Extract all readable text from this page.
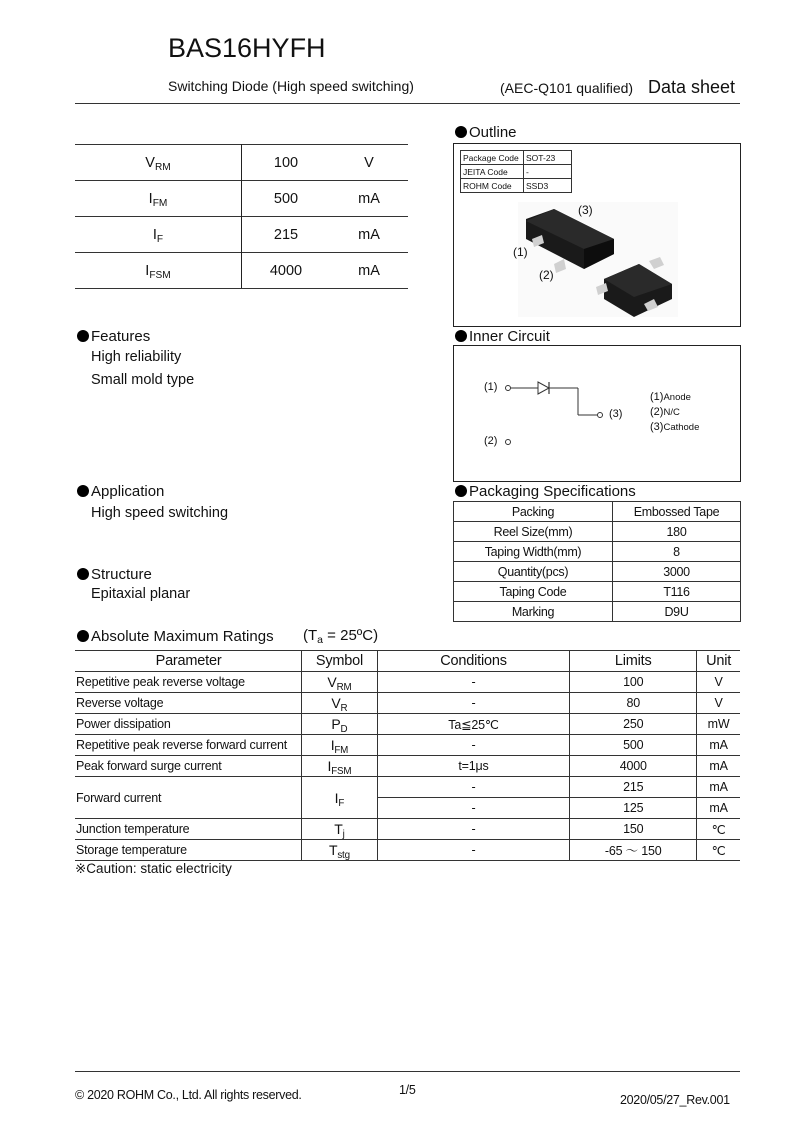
BAS16HYFH
Switching Diode (High speed switching)	(AEC-Q101 qualified) Data sheet
$V_{RM}$	100	V
$I_{FM}$	500	mA
$I_F$	215	mA
$I_{FSM}$	4000	mA
Outline
Package Code	SOT-23
JEITA Code	-
ROHM Code	SSD3
(3)
(1)
(2)
Features
High reliability
Small mold type
Inner Circuit
(1)
(3)
(2)
(1)Anode
(2)N/C
(3)Cathode
Application
High speed switching
Structure
Epitaxial planar
Packaging Specifications
Packing	Embossed Tape
Reel Size(mm)	180
Taping Width(mm)	8
Quantity(pcs)	3000
Taping Code	T116
Marking	D9U
Absolute Maximum Ratings ($T_a$ = 25ºC)
Parameter	Symbol	Conditions	Limits	Unit
Repetitive peak reverse voltage	$V_{RM}$	-	100	V
Reverse voltage	$V_R$	-	80	V
Power dissipation	$P_D$	Ta≦25℃	250	mW
Repetitive peak reverse forward current	$I_{FM}$	-	500	mA
Peak forward surge current	$I_{FSM}$	t=1μs	4000	mA
Forward current	$I_F$	-	215	mA
		-	125	mA
Junction temperature	$T_j$	-	150	℃
Storage temperature	$T_{stg}$	-	-65 ～ 150	℃
※Caution: static electricity
© 2020 ROHM Co., Ltd. All rights reserved.	1/5
2020/05/27_Rev.001
